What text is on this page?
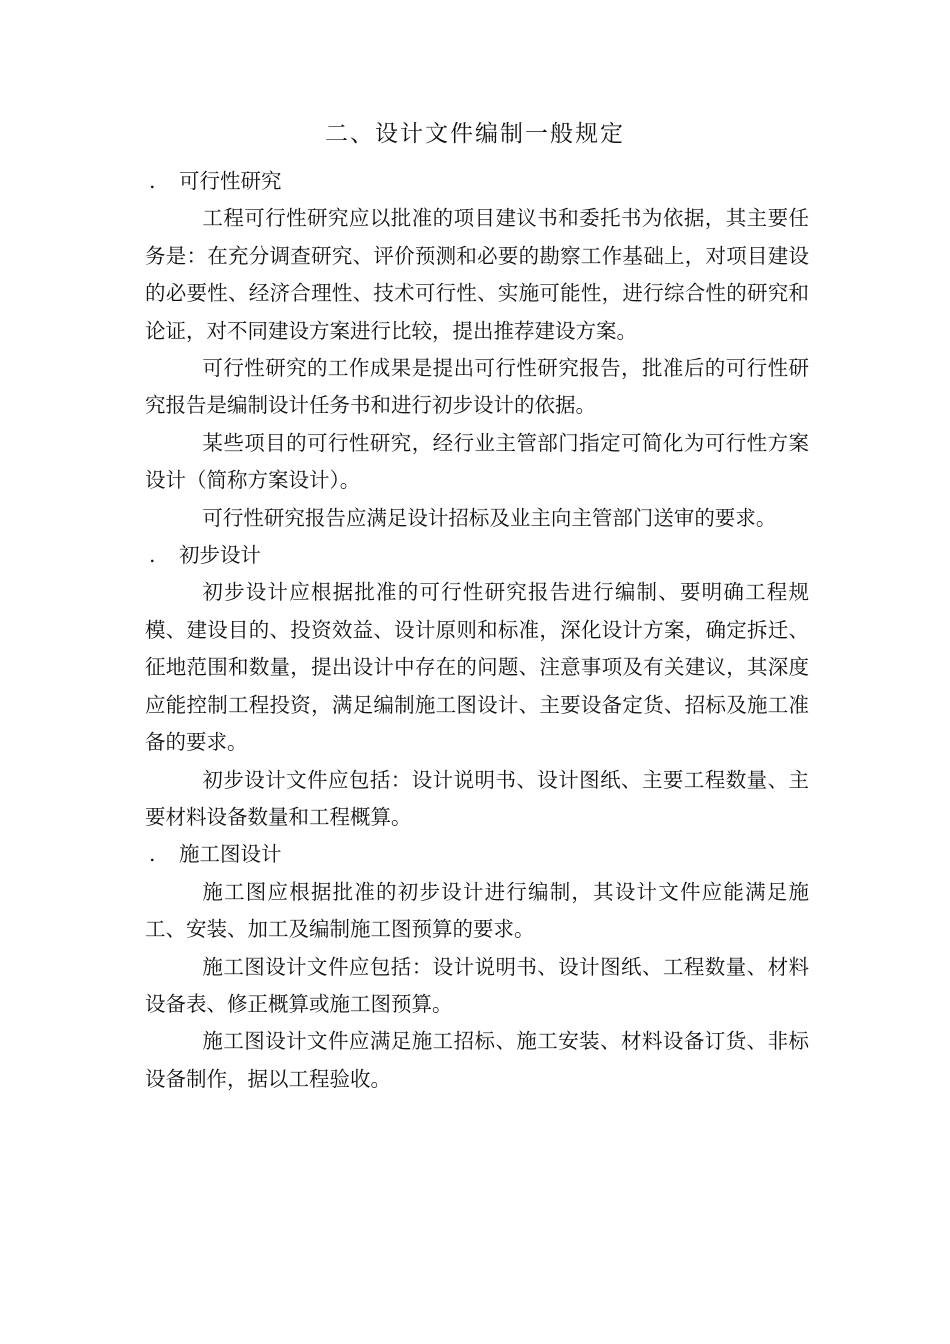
二、设计文件编制一般规定

. 可行性研究

工程可行性研究应以批准的项目建议书和委托书为依据，其主要任务是：在充分调查研究、评价预测和必要的勘察工作基础上，对项目建设的必要性、经济合理性、技术可行性、实施可能性，进行综合性的研究和论证，对不同建设方案进行比较，提出推荐建设方案。

可行性研究的工作成果是提出可行性研究报告，批准后的可行性研究报告是编制设计任务书和进行初步设计的依据。

某些项目的可行性研究，经行业主管部门指定可简化为可行性方案设计（简称方案设计）。

可行性研究报告应满足设计招标及业主向主管部门送审的要求。

. 初步设计

初步设计应根据批准的可行性研究报告进行编制、要明确工程规模、建设目的、投资效益、设计原则和标准，深化设计方案，确定拆迁、征地范围和数量，提出设计中存在的问题、注意事项及有关建议，其深度应能控制工程投资，满足编制施工图设计、主要设备定货、招标及施工准备的要求。

初步设计文件应包括：设计说明书、设计图纸、主要工程数量、主要材料设备数量和工程概算。

. 施工图设计

施工图应根据批准的初步设计进行编制，其设计文件应能满足施工、安装、加工及编制施工图预算的要求。

施工图设计文件应包括：设计说明书、设计图纸、工程数量、材料设备表、修正概算或施工图预算。

施工图设计文件应满足施工招标、施工安装、材料设备订货、非标设备制作，据以工程验收。
